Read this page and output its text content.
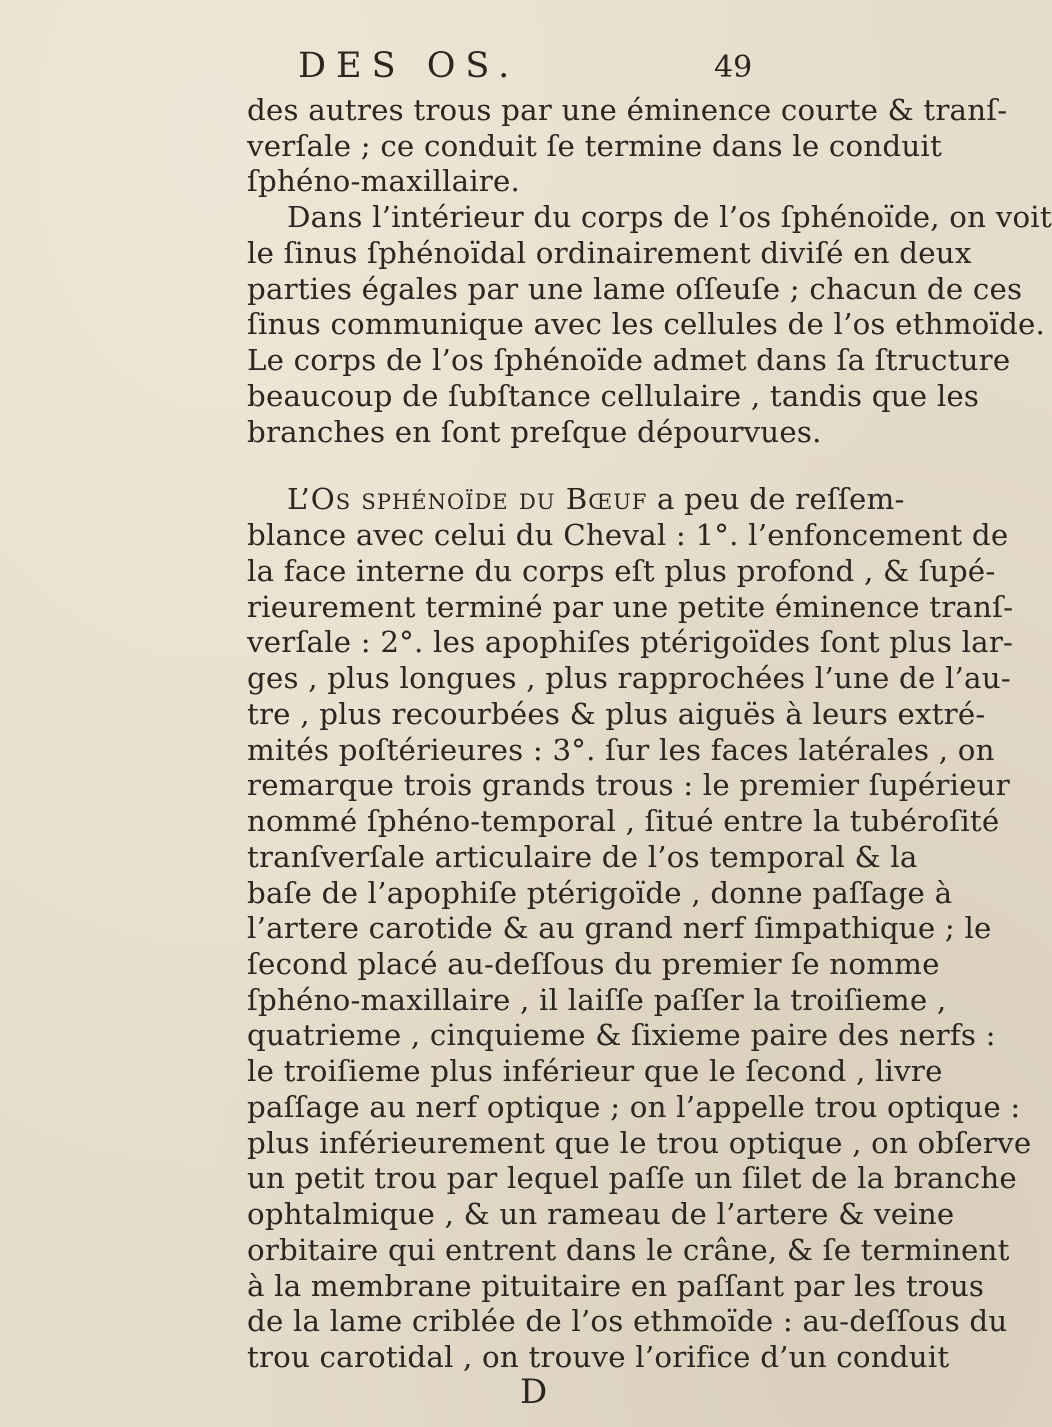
DES OS.	49
des autres trous par une éminence courte & tranſ-
verſale ; ce conduit ſe termine dans le conduit
ſphéno-maxillaire.
Dans l’intérieur du corps de l’os ſphénoïde, on voit
le ſinus ſphénoïdal ordinairement diviſé en deux
parties égales par une lame oſſeuſe ; chacun de ces
ſinus communique avec les cellules de l’os ethmoïde.
Le corps de l’os ſphénoïde admet dans ſa ſtructure
beaucoup de ſubſtance cellulaire , tandis que les
branches en ſont preſque dépourvues.
L’Os sphénoïde du Bœuf a peu de reſſem-
blance avec celui du Cheval : 1°. l’enfoncement de
la face interne du corps eſt plus profond , & ſupé-
rieurement terminé par une petite éminence tranſ-
verſale : 2°. les apophiſes ptérigoïdes ſont plus lar-
ges , plus longues , plus rapprochées l’une de l’au-
tre , plus recourbées & plus aiguës à leurs extré-
mités poſtérieures : 3°. ſur les faces latérales , on
remarque trois grands trous : le premier ſupérieur
nommé ſphéno-temporal , ſitué entre la tubéroſité
tranſverſale articulaire de l’os temporal & la
baſe de l’apophiſe ptérigoïde , donne paſſage à
l’artere carotide & au grand nerf ſimpathique ; le
ſecond placé au-deſſous du premier ſe nomme
ſphéno-maxillaire , il laiſſe paſſer la troiſieme ,
quatrieme , cinquieme & ſixieme paire des nerfs :
le troiſieme plus inférieur que le ſecond , livre
paſſage au nerf optique ; on l’appelle trou optique :
plus inférieurement que le trou optique , on obſerve
un petit trou par lequel paſſe un ſilet de la branche
ophtalmique , & un rameau de l’artere & veine
orbitaire qui entrent dans le crâne, & ſe terminent
à la membrane pituitaire en paſſant par les trous
de la lame criblée de l’os ethmoïde : au-deſſous du
trou carotidal , on trouve l’orifice d’un conduit
D
